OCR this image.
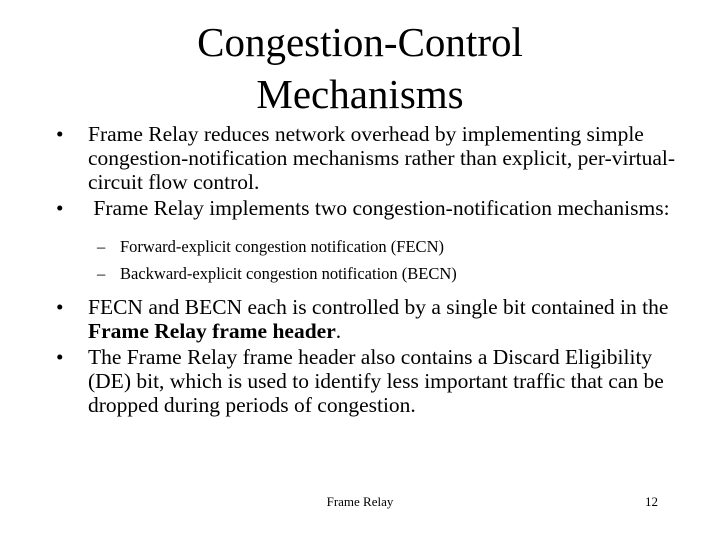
Congestion-Control
Mechanisms
• Frame Relay reduces network overhead by implementing simple congestion-notification mechanisms rather than explicit, per-virtual-circuit flow control.
• Frame Relay implements two congestion-notification mechanisms:
– Forward-explicit congestion notification (FECN)
– Backward-explicit congestion notification (BECN)
• FECN and BECN each is controlled by a single bit contained in the Frame Relay frame header.
• The Frame Relay frame header also contains a Discard Eligibility (DE) bit, which is used to identify less important traffic that can be dropped during periods of congestion.
Frame Relay	12
